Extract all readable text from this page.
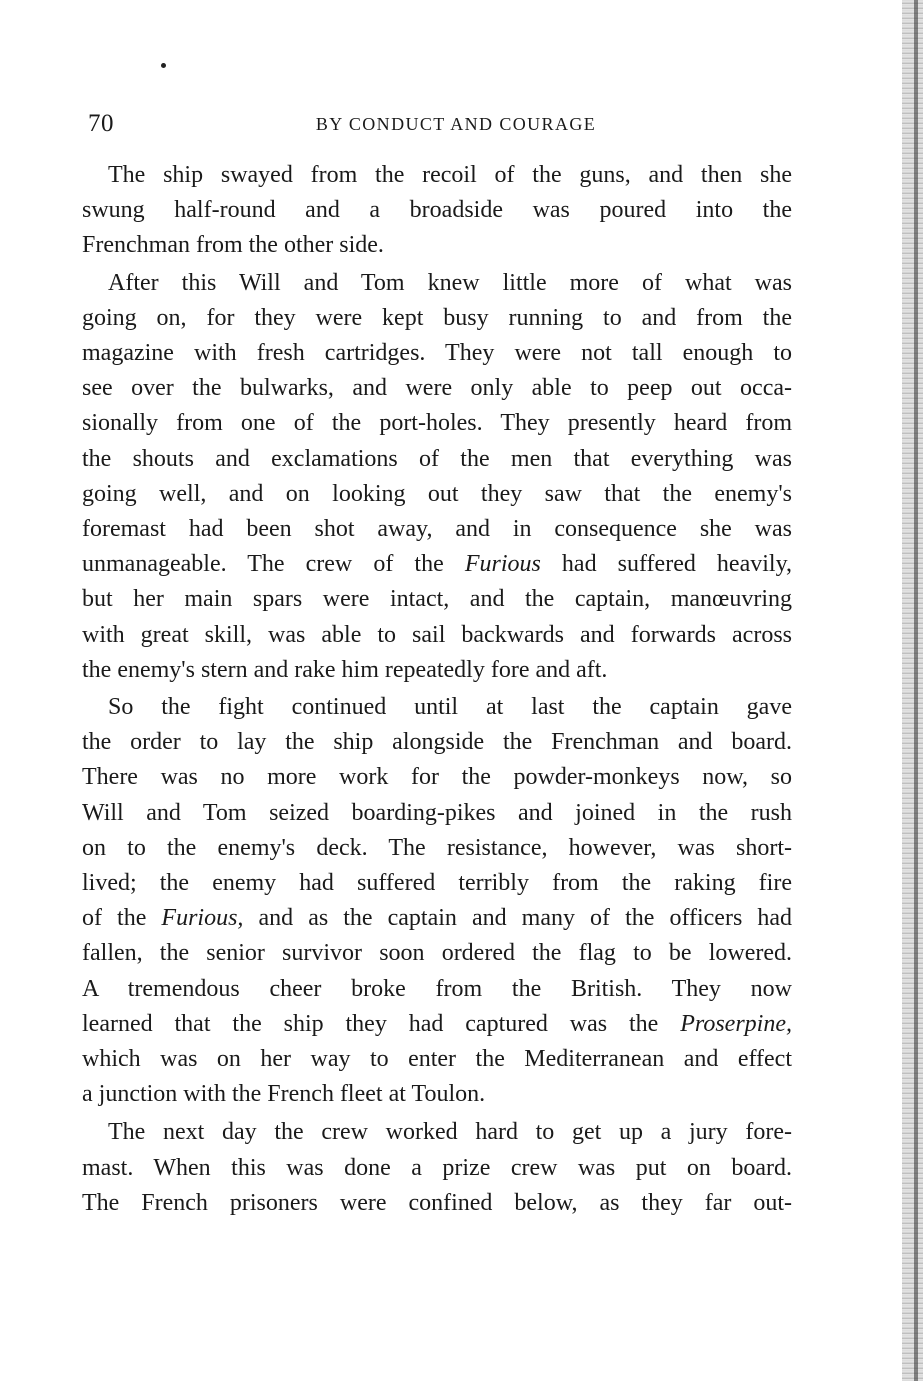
70	BY CONDUCT AND COURAGE

The ship swayed from the recoil of the guns, and then she
swung half-round and a broadside was poured into the
Frenchman from the other side.

After this Will and Tom knew little more of what was
going on, for they were kept busy running to and from the
magazine with fresh cartridges. They were not tall enough to
see over the bulwarks, and were only able to peep out occa-
sionally from one of the port-holes. They presently heard from
the shouts and exclamations of the men that everything was
going well, and on looking out they saw that the enemy's
foremast had been shot away, and in consequence she was
unmanageable. The crew of the Furious had suffered heavily,
but her main spars were intact, and the captain, manœuvring
with great skill, was able to sail backwards and forwards across
the enemy's stern and rake him repeatedly fore and aft.

So the fight continued until at last the captain gave
the order to lay the ship alongside the Frenchman and board.
There was no more work for the powder-monkeys now, so
Will and Tom seized boarding-pikes and joined in the rush
on to the enemy's deck. The resistance, however, was short-
lived; the enemy had suffered terribly from the raking fire
of the Furious, and as the captain and many of the officers had
fallen, the senior survivor soon ordered the flag to be lowered.
A tremendous cheer broke from the British. They now
learned that the ship they had captured was the Proserpine,
which was on her way to enter the Mediterranean and effect
a junction with the French fleet at Toulon.

The next day the crew worked hard to get up a jury fore-
mast. When this was done a prize crew was put on board.
The French prisoners were confined below, as they far out-
